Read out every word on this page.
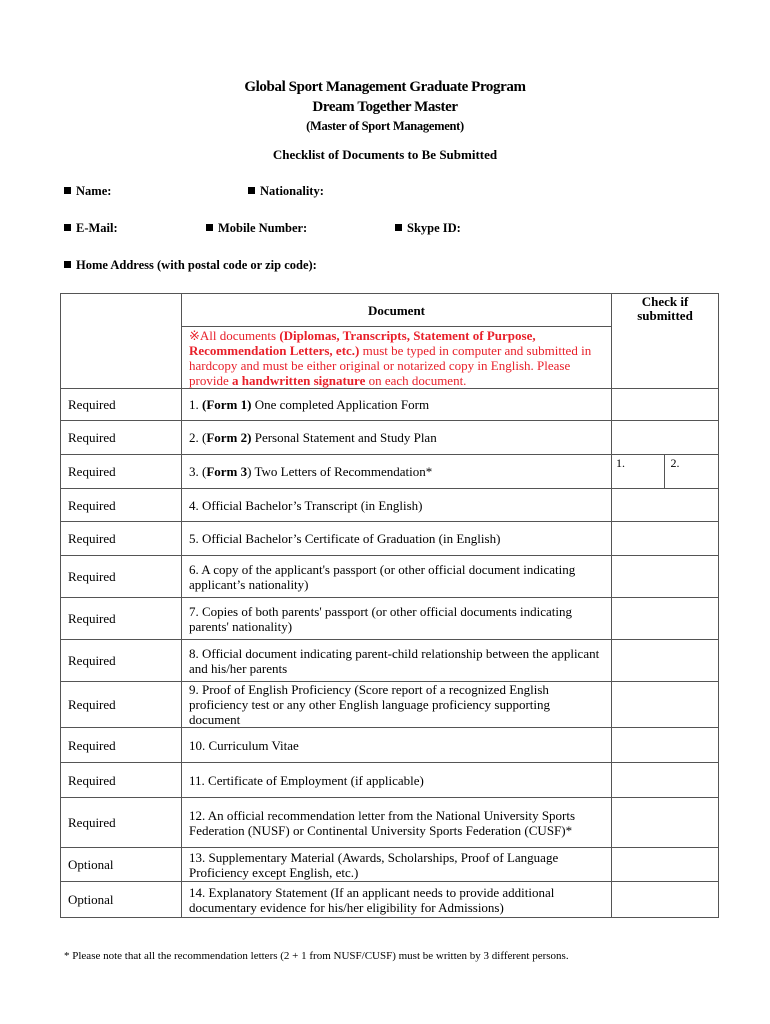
Global Sport Management Graduate Program
Dream Together Master
(Master of Sport Management)
Checklist of Documents to Be Submitted
Name:	Nationality:
E-Mail:	Mobile Number:	Skype ID:
Home Address (with postal code or zip code):
	Document	Check if submitted
	※All documents (Diplomas, Transcripts, Statement of Purpose, Recommendation Letters, etc.) must be typed in computer and submitted in hardcopy and must be either original or notarized copy in English. Please provide a handwritten signature on each document.	
Required	1. (Form 1) One completed Application Form	
Required	2. (Form 2) Personal Statement and Study Plan	
Required	3. (Form 3) Two Letters of Recommendation*	1. 2.

Required	4. Official Bachelor’s Transcript (in English)	
Required	5. Official Bachelor’s Certificate of Graduation (in English)	
Required	6. A copy of the applicant's passport (or other official document indicating applicant’s nationality)	
Required	7. Copies of both parents' passport (or other official documents indicating parents' nationality)	
Required	8. Official document indicating parent-child relationship between the applicant and his/her parents	
Required	9. Proof of English Proficiency (Score report of a recognized English proficiency test or any other English language proficiency supporting document	
Required	10. Curriculum Vitae	
Required	11. Certificate of Employment (if applicable)	
Required	12. An official recommendation letter from the National University Sports Federation (NUSF) or Continental University Sports Federation (CUSF)*	
Optional	13. Supplementary Material (Awards, Scholarships, Proof of Language Proficiency except English, etc.)	
Optional	14. Explanatory Statement (If an applicant needs to provide additional documentary evidence for his/her eligibility for Admissions)	
* Please note that all the recommendation letters (2 + 1 from NUSF/CUSF) must be written by 3 different persons.
